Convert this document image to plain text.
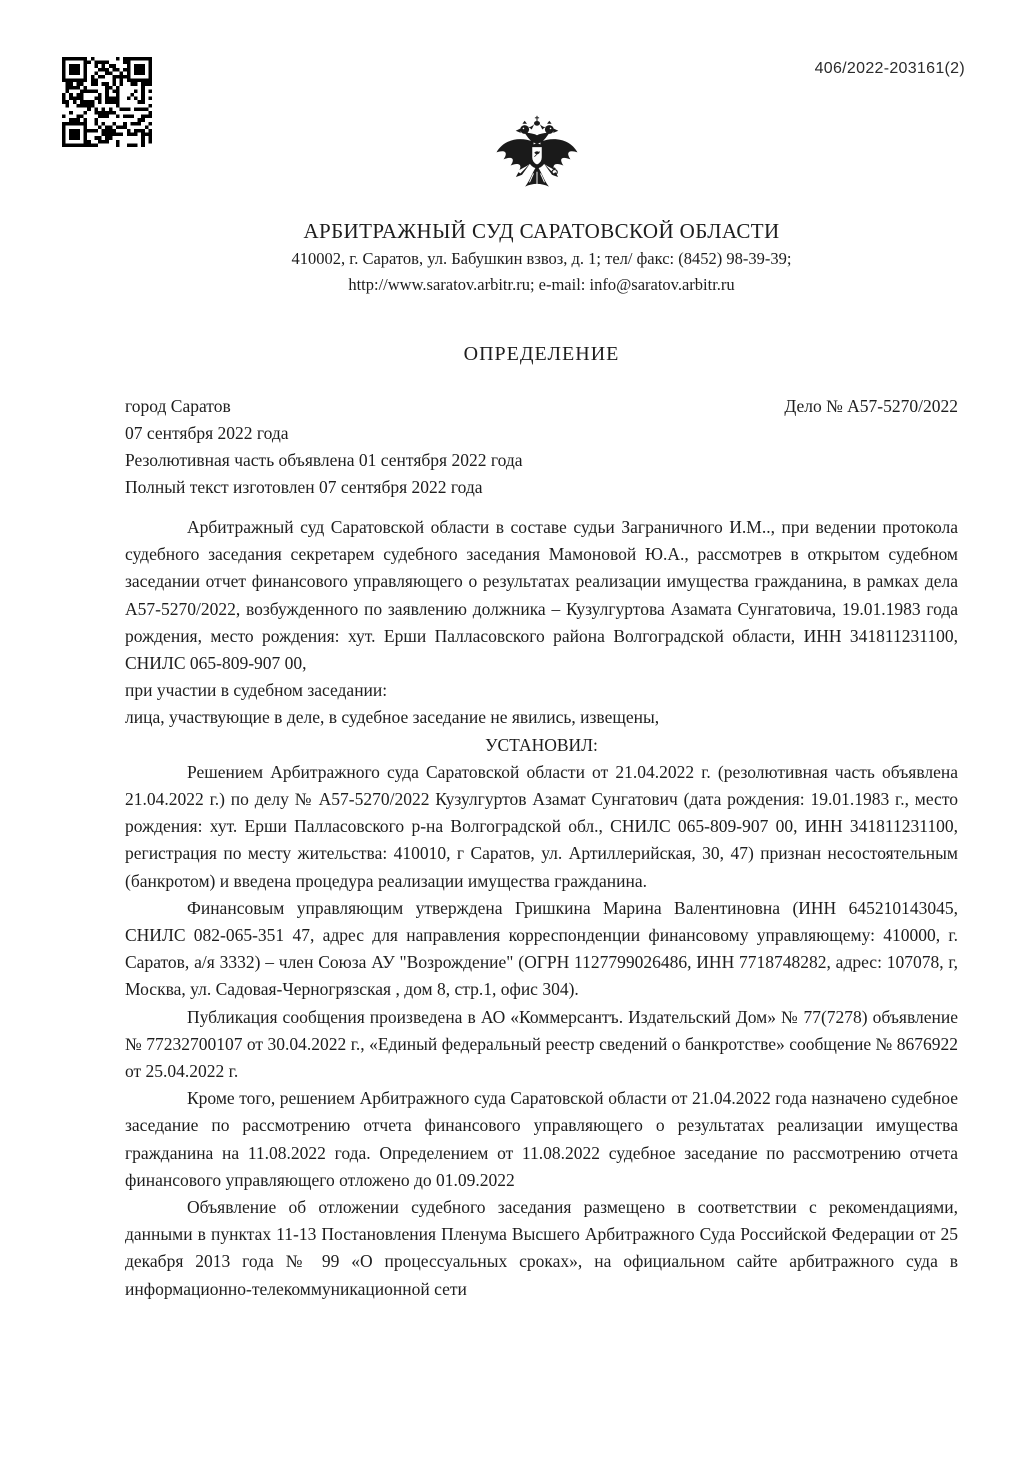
406/2022-203161(2)
АРБИТРАЖНЫЙ СУД САРАТОВСКОЙ ОБЛАСТИ
410002, г. Саратов, ул. Бабушкин взвоз, д. 1; тел/ факс: (8452) 98-39-39;
http://www.saratov.arbitr.ru; e-mail: info@saratov.arbitr.ru
ОПРЕДЕЛЕНИЕ
город Саратов	Дело № А57-5270/2022
07 сентября 2022 года
Резолютивная часть объявлена 01 сентября 2022 года
Полный текст изготовлен 07 сентября 2022 года

Арбитражный суд Саратовской области в составе судьи Заграничного И.М.., при ведении протокола судебного заседания секретарем судебного заседания Мамоновой Ю.А., рассмотрев в открытом судебном заседании отчет финансового управляющего о результатах реализации имущества гражданина, в рамках дела А57-5270/2022, возбужденного по заявлению должника – Кузулгуртова Азамата Сунгатовича, 19.01.1983 года рождения, место рождения: хут. Ерши Палласовского района Волгоградской области, ИНН 341811231100, СНИЛС 065-809-907 00,

при участии в судебном заседании:

лица, участвующие в деле, в судебное заседание не явились, извещены,

УСТАНОВИЛ:

Решением Арбитражного суда Саратовской области от 21.04.2022 г. (резолютивная часть объявлена 21.04.2022 г.) по делу № А57-5270/2022 Кузулгуртов Азамат Сунгатович (дата рождения: 19.01.1983 г., место рождения: хут. Ерши Палласовского р-на Волгоградской обл., СНИЛС 065-809-907 00, ИНН 341811231100, регистрация по месту жительства: 410010, г Саратов, ул. Артиллерийская, 30, 47) признан несостоятельным (банкротом) и введена процедура реализации имущества гражданина.

Финансовым управляющим утверждена Гришкина Марина Валентиновна (ИНН 645210143045, СНИЛС 082-065-351 47, адрес для направления корреспонденции финансовому управляющему: 410000, г. Саратов, а/я 3332) – член Союза АУ "Возрождение" (ОГРН 1127799026486, ИНН 7718748282, адрес: 107078, г, Москва, ул. Садовая-Черногрязская , дом 8, стр.1, офис 304).

Публикация сообщения произведена в АО «Коммерсантъ. Издательский Дом» № 77(7278) объявление № 77232700107 от 30.04.2022 г., «Единый федеральный реестр сведений о банкротстве» сообщение № 8676922 от 25.04.2022 г.

Кроме того, решением Арбитражного суда Саратовской области от 21.04.2022 года назначено судебное заседание по рассмотрению отчета финансового управляющего о результатах реализации имущества гражданина на 11.08.2022 года. Определением от 11.08.2022 судебное заседание по рассмотрению отчета финансового управляющего отложено до 01.09.2022

Объявление об отложении судебного заседания размещено в соответствии с рекомендациями, данными в пунктах 11-13 Постановления Пленума Высшего Арбитражного Суда Российской Федерации от 25 декабря 2013 года № 99 «О процессуальных сроках», на официальном сайте арбитражного суда в информационно-телекоммуникационной сети
